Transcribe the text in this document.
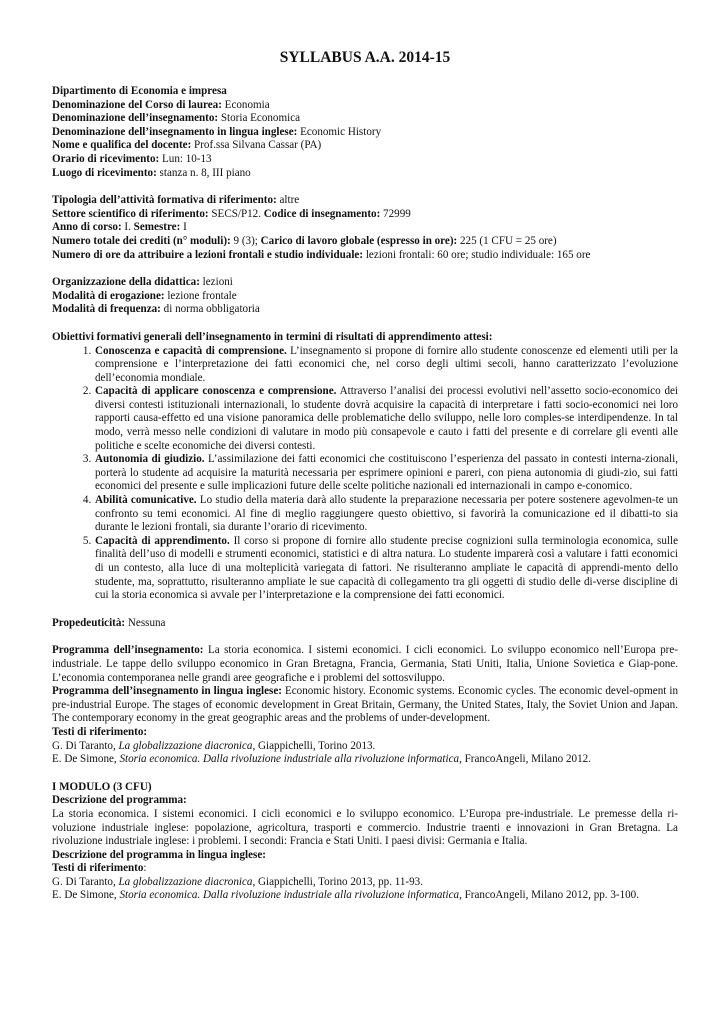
SYLLABUS A.A. 2014-15

Dipartimento di Economia e impresa

Denominazione del Corso di laurea: Economia

Denominazione dell’insegnamento: Storia Economica

Denominazione dell’insegnamento in lingua inglese: Economic History

Nome e qualifica del docente: Prof.ssa Silvana Cassar (PA)

Orario di ricevimento: Lun: 10-13

Luogo di ricevimento: stanza n. 8, III piano

Tipologia dell’attività formativa di riferimento: altre

Settore scientifico di riferimento: SECS/P12. Codice di insegnamento: 72999

Anno di corso: I. Semestre: I

Numero totale dei crediti (n° moduli): 9 (3); Carico di lavoro globale (espresso in ore): 225 (1 CFU = 25 ore)

Numero di ore da attribuire a lezioni frontali e studio individuale: lezioni frontali: 60 ore; studio individuale: 165 ore

Organizzazione della didattica: lezioni

Modalità di erogazione: lezione frontale

Modalità di frequenza: di norma obbligatoria

Obiettivi formativi generali dell’insegnamento in termini di risultati di apprendimento attesi:

1. Conoscenza e capacità di comprensione. L’insegnamento si propone di fornire allo studente conoscenze ed elementi utili per la comprensione e l’interpretazione dei fatti economici che, nel corso degli ultimi secoli, hanno caratterizzato l’evoluzione dell’economia mondiale.
2. Capacità di applicare conoscenza e comprensione. Attraverso l’analisi dei processi evolutivi nell’assetto socio-economico dei diversi contesti istituzionali internazionali, lo studente dovrà acquisire la capacità di interpretare i fatti socio-economici nei loro rapporti causa-effetto ed una visione panoramica delle problematiche dello sviluppo, nelle loro comples-se interdipendenze. In tal modo, verrà messo nelle condizioni di valutare in modo più consapevole e cauto i fatti del presente e di correlare gli eventi alle politiche e scelte economiche dei diversi contesti.
3. Autonomia di giudizio. L’assimilazione dei fatti economici che costituiscono l’esperienza del passato in contesti interna-zionali, porterà lo studente ad acquisire la maturità necessaria per esprimere opinioni e pareri, con piena autonomia di giudi-zio, sui fatti economici del presente e sulle implicazioni future delle scelte politiche nazionali ed internazionali in campo e-conomico.
4. Abilità comunicative. Lo studio della materia darà allo studente la preparazione necessaria per potere sostenere agevolmen-te un confronto su temi economici. Al fine di meglio raggiungere questo obiettivo, si favorirà la comunicazione ed il dibatti-to sia durante le lezioni frontali, sia durante l’orario di ricevimento.
5. Capacità di apprendimento. Il corso si propone di fornire allo studente precise cognizioni sulla terminologia economica, sulle finalità dell’uso di modelli e strumenti economici, statistici e di altra natura. Lo studente imparerà così a valutare i fatti economici di un contesto, alla luce di una molteplicità variegata di fattori. Ne risulteranno ampliate le capacità di apprendi-mento dello studente, ma, soprattutto, risulteranno ampliate le sue capacità di collegamento tra gli oggetti di studio delle di-verse discipline di cui la storia economica si avvale per l’interpretazione e la comprensione dei fatti economici.

Propedeuticità: Nessuna

Programma dell’insegnamento: La storia economica. I sistemi economici. I cicli economici. Lo sviluppo economico nell’Europa pre-industriale. Le tappe dello sviluppo economico in Gran Bretagna, Francia, Germania, Stati Uniti, Italia, Unione Sovietica e Giap-pone. L’economia contemporanea nelle grandi aree geografiche e i problemi del sottosviluppo.

Programma dell’insegnamento in lingua inglese: Economic history. Economic systems. Economic cycles. The economic devel-opment in pre-industrial Europe. The stages of economic development in Great Britain, Germany, the United States, Italy, the Soviet Union and Japan. The contemporary economy in the great geographic areas and the problems of under-development.

Testi di riferimento:

G. Di Taranto, La globalizzazione diacronica, Giappichelli, Torino 2013.

E. De Simone, Storia economica. Dalla rivoluzione industriale alla rivoluzione informatica, FrancoAngeli, Milano 2012.

I MODULO (3 CFU)

Descrizione del programma:

La storia economica. I sistemi economici. I cicli economici e lo sviluppo economico. L’Europa pre-industriale. Le premesse della ri-voluzione industriale inglese: popolazione, agricoltura, trasporti e commercio. Industrie traenti e innovazioni in Gran Bretagna. La rivoluzione industriale inglese: i problemi. I secondi: Francia e Stati Uniti. I paesi divisi: Germania e Italia.

Descrizione del programma in lingua inglese:

Testi di riferimento:

G. Di Taranto, La globalizzazione diacronica, Giappichelli, Torino 2013, pp. 11-93.

E. De Simone, Storia economica. Dalla rivoluzione industriale alla rivoluzione informatica, FrancoAngeli, Milano 2012, pp. 3-100.
